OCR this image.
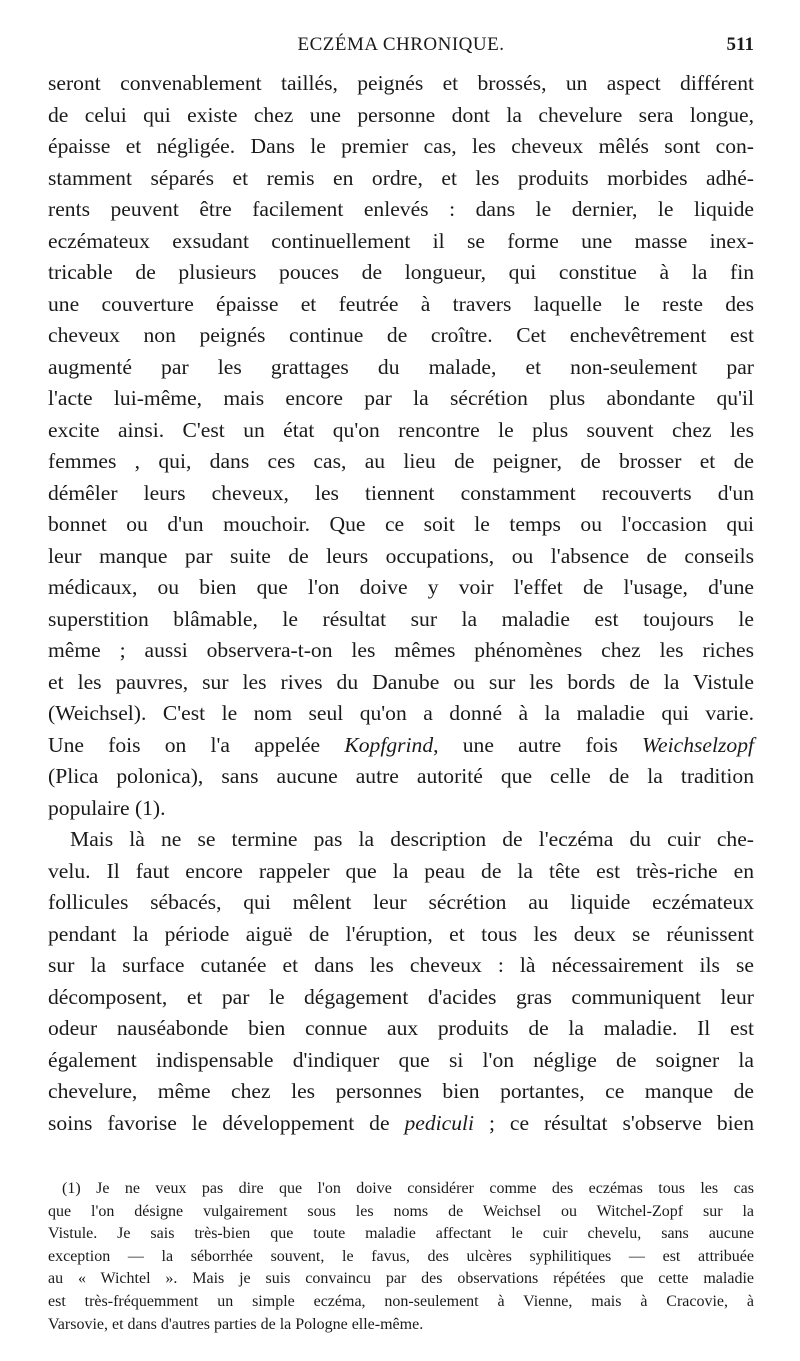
ECZÉMA CHRONIQUE.	511
seront convenablement taillés, peignés et brossés, un aspect différent
de celui qui existe chez une personne dont la chevelure sera longue,
épaisse et négligée. Dans le premier cas, les cheveux mêlés sont con-
stamment séparés et remis en ordre, et les produits morbides adhé-
rents peuvent être facilement enlevés : dans le dernier, le liquide
eczémateux exsudant continuellement il se forme une masse inex-
tricable de plusieurs pouces de longueur, qui constitue à la fin
une couverture épaisse et feutrée à travers laquelle le reste des
cheveux non peignés continue de croître. Cet enchevêtrement est
augmenté par les grattages du malade, et non-seulement par
l'acte lui-même, mais encore par la sécrétion plus abondante qu'il
excite ainsi. C'est un état qu'on rencontre le plus souvent chez les
femmes , qui, dans ces cas, au lieu de peigner, de brosser et de
démêler leurs cheveux, les tiennent constamment recouverts d'un
bonnet ou d'un mouchoir. Que ce soit le temps ou l'occasion qui
leur manque par suite de leurs occupations, ou l'absence de conseils
médicaux, ou bien que l'on doive y voir l'effet de l'usage, d'une
superstition blâmable, le résultat sur la maladie est toujours le
même ; aussi observera-t-on les mêmes phénomènes chez les riches
et les pauvres, sur les rives du Danube ou sur les bords de la Vistule
(Weichsel). C'est le nom seul qu'on a donné à la maladie qui varie.
Une fois on l'a appelée Kopfgrind, une autre fois Weichselzopf
(Plica polonica), sans aucune autre autorité que celle de la tradition
populaire (1).
Mais là ne se termine pas la description de l'eczéma du cuir che-
velu. Il faut encore rappeler que la peau de la tête est très-riche en
follicules sébacés, qui mêlent leur sécrétion au liquide eczémateux
pendant la période aiguë de l'éruption, et tous les deux se réunissent
sur la surface cutanée et dans les cheveux : là nécessairement ils se
décomposent, et par le dégagement d'acides gras communiquent leur
odeur nauséabonde bien connue aux produits de la maladie. Il est
également indispensable d'indiquer que si l'on néglige de soigner la
chevelure, même chez les personnes bien portantes, ce manque de
soins favorise le développement de pediculi ; ce résultat s'observe bien
(1) Je ne veux pas dire que l'on doive considérer comme des eczémas tous les cas
que l'on désigne vulgairement sous les noms de Weichsel ou Witchel-Zopf sur la
Vistule. Je sais très-bien que toute maladie affectant le cuir chevelu, sans aucune
exception — la séborrhée souvent, le favus, des ulcères syphilitiques — est attribuée
au « Wichtel ». Mais je suis convaincu par des observations répétées que cette maladie
est très-fréquemment un simple eczéma, non-seulement à Vienne, mais à Cracovie, à
Varsovie, et dans d'autres parties de la Pologne elle-même.
